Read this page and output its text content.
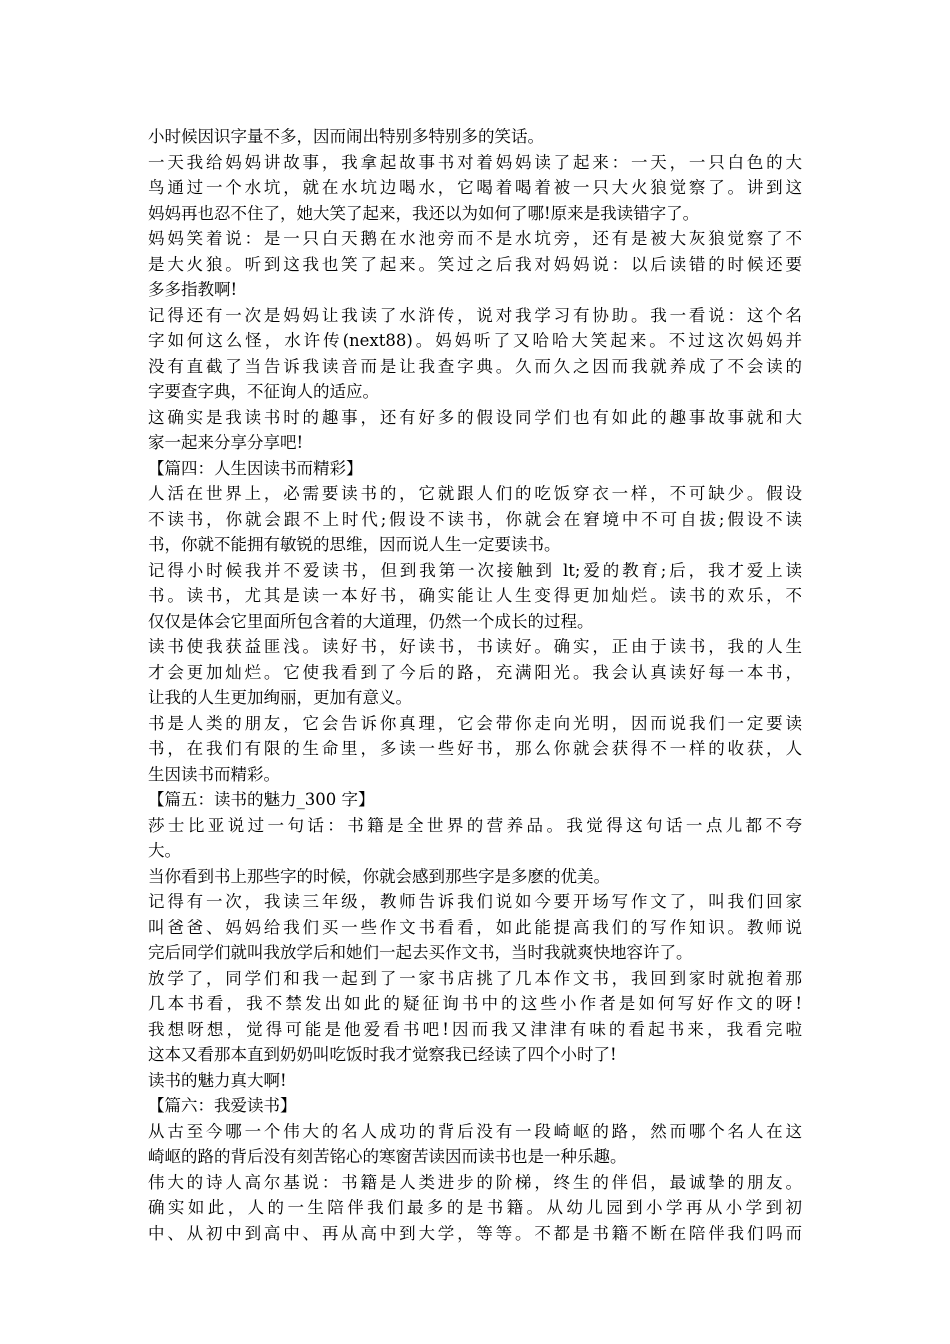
小时候因识字量不多，因而闹出特别多特别多的笑话。
一天我给妈妈讲故事，我拿起故事书对着妈妈读了起来：一天，一只白色的大
鸟通过一个水坑，就在水坑边喝水，它喝着喝着被一只大火狼觉察了。讲到这
妈妈再也忍不住了，她大笑了起来，我还以为如何了哪!原来是我读错字了。
妈妈笑着说：是一只白天鹅在水池旁而不是水坑旁，还有是被大灰狼觉察了不
是大火狼。听到这我也笑了起来。笑过之后我对妈妈说：以后读错的时候还要
多多指教啊!
记得还有一次是妈妈让我读了水浒传，说对我学习有协助。我一看说：这个名
字如何这么怪，水许传(next88)。妈妈听了又哈哈大笑起来。不过这次妈妈并
没有直截了当告诉我读音而是让我查字典。久而久之因而我就养成了不会读的
字要查字典，不征询人的适应。
这确实是我读书时的趣事，还有好多的假设同学们也有如此的趣事故事就和大
家一起来分享分享吧!
【篇四：人生因读书而精彩】
人活在世界上，必需要读书的，它就跟人们的吃饭穿衣一样，不可缺少。假设
不读书，你就会跟不上时代;假设不读书，你就会在窘境中不可自拔;假设不读
书，你就不能拥有敏锐的思维，因而说人生一定要读书。
记得小时候我并不爱读书，但到我第一次接触到 lt;爱的教育;后，我才爱上读
书。读书，尤其是读一本好书，确实能让人生变得更加灿烂。读书的欢乐，不
仅仅是体会它里面所包含着的大道理，仍然一个成长的过程。
读书使我获益匪浅。读好书，好读书，书读好。确实，正由于读书，我的人生
才会更加灿烂。它使我看到了今后的路，充满阳光。我会认真读好每一本书，
让我的人生更加绚丽，更加有意义。
书是人类的朋友，它会告诉你真理，它会带你走向光明，因而说我们一定要读
书，在我们有限的生命里，多读一些好书，那么你就会获得不一样的收获，人
生因读书而精彩。
【篇五：读书的魅力_300 字】
莎士比亚说过一句话：书籍是全世界的营养品。我觉得这句话一点儿都不夸
大。
当你看到书上那些字的时候，你就会感到那些字是多麽的优美。
记得有一次，我读三年级，教师告诉我们说如今要开场写作文了，叫我们回家
叫爸爸、妈妈给我们买一些作文书看看，如此能提高我们的写作知识。教师说
完后同学们就叫我放学后和她们一起去买作文书，当时我就爽快地容许了。
放学了，同学们和我一起到了一家书店挑了几本作文书，我回到家时就抱着那
几本书看，我不禁发出如此的疑征询书中的这些小作者是如何写好作文的呀!
我想呀想，觉得可能是他爱看书吧!因而我又津津有味的看起书来，我看完啦
这本又看那本直到奶奶叫吃饭时我才觉察我已经读了四个小时了!
读书的魅力真大啊!
【篇六：我爱读书】
从古至今哪一个伟大的名人成功的背后没有一段崎岖的路，然而哪个名人在这
崎岖的路的背后没有刻苦铭心的寒窗苦读因而读书也是一种乐趣。
伟大的诗人高尔基说：书籍是人类进步的阶梯，终生的伴侣，最诚挚的朋友。
确实如此，人的一生陪伴我们最多的是书籍。从幼儿园到小学再从小学到初
中、从初中到高中、再从高中到大学，等等。不都是书籍不断在陪伴我们吗而
